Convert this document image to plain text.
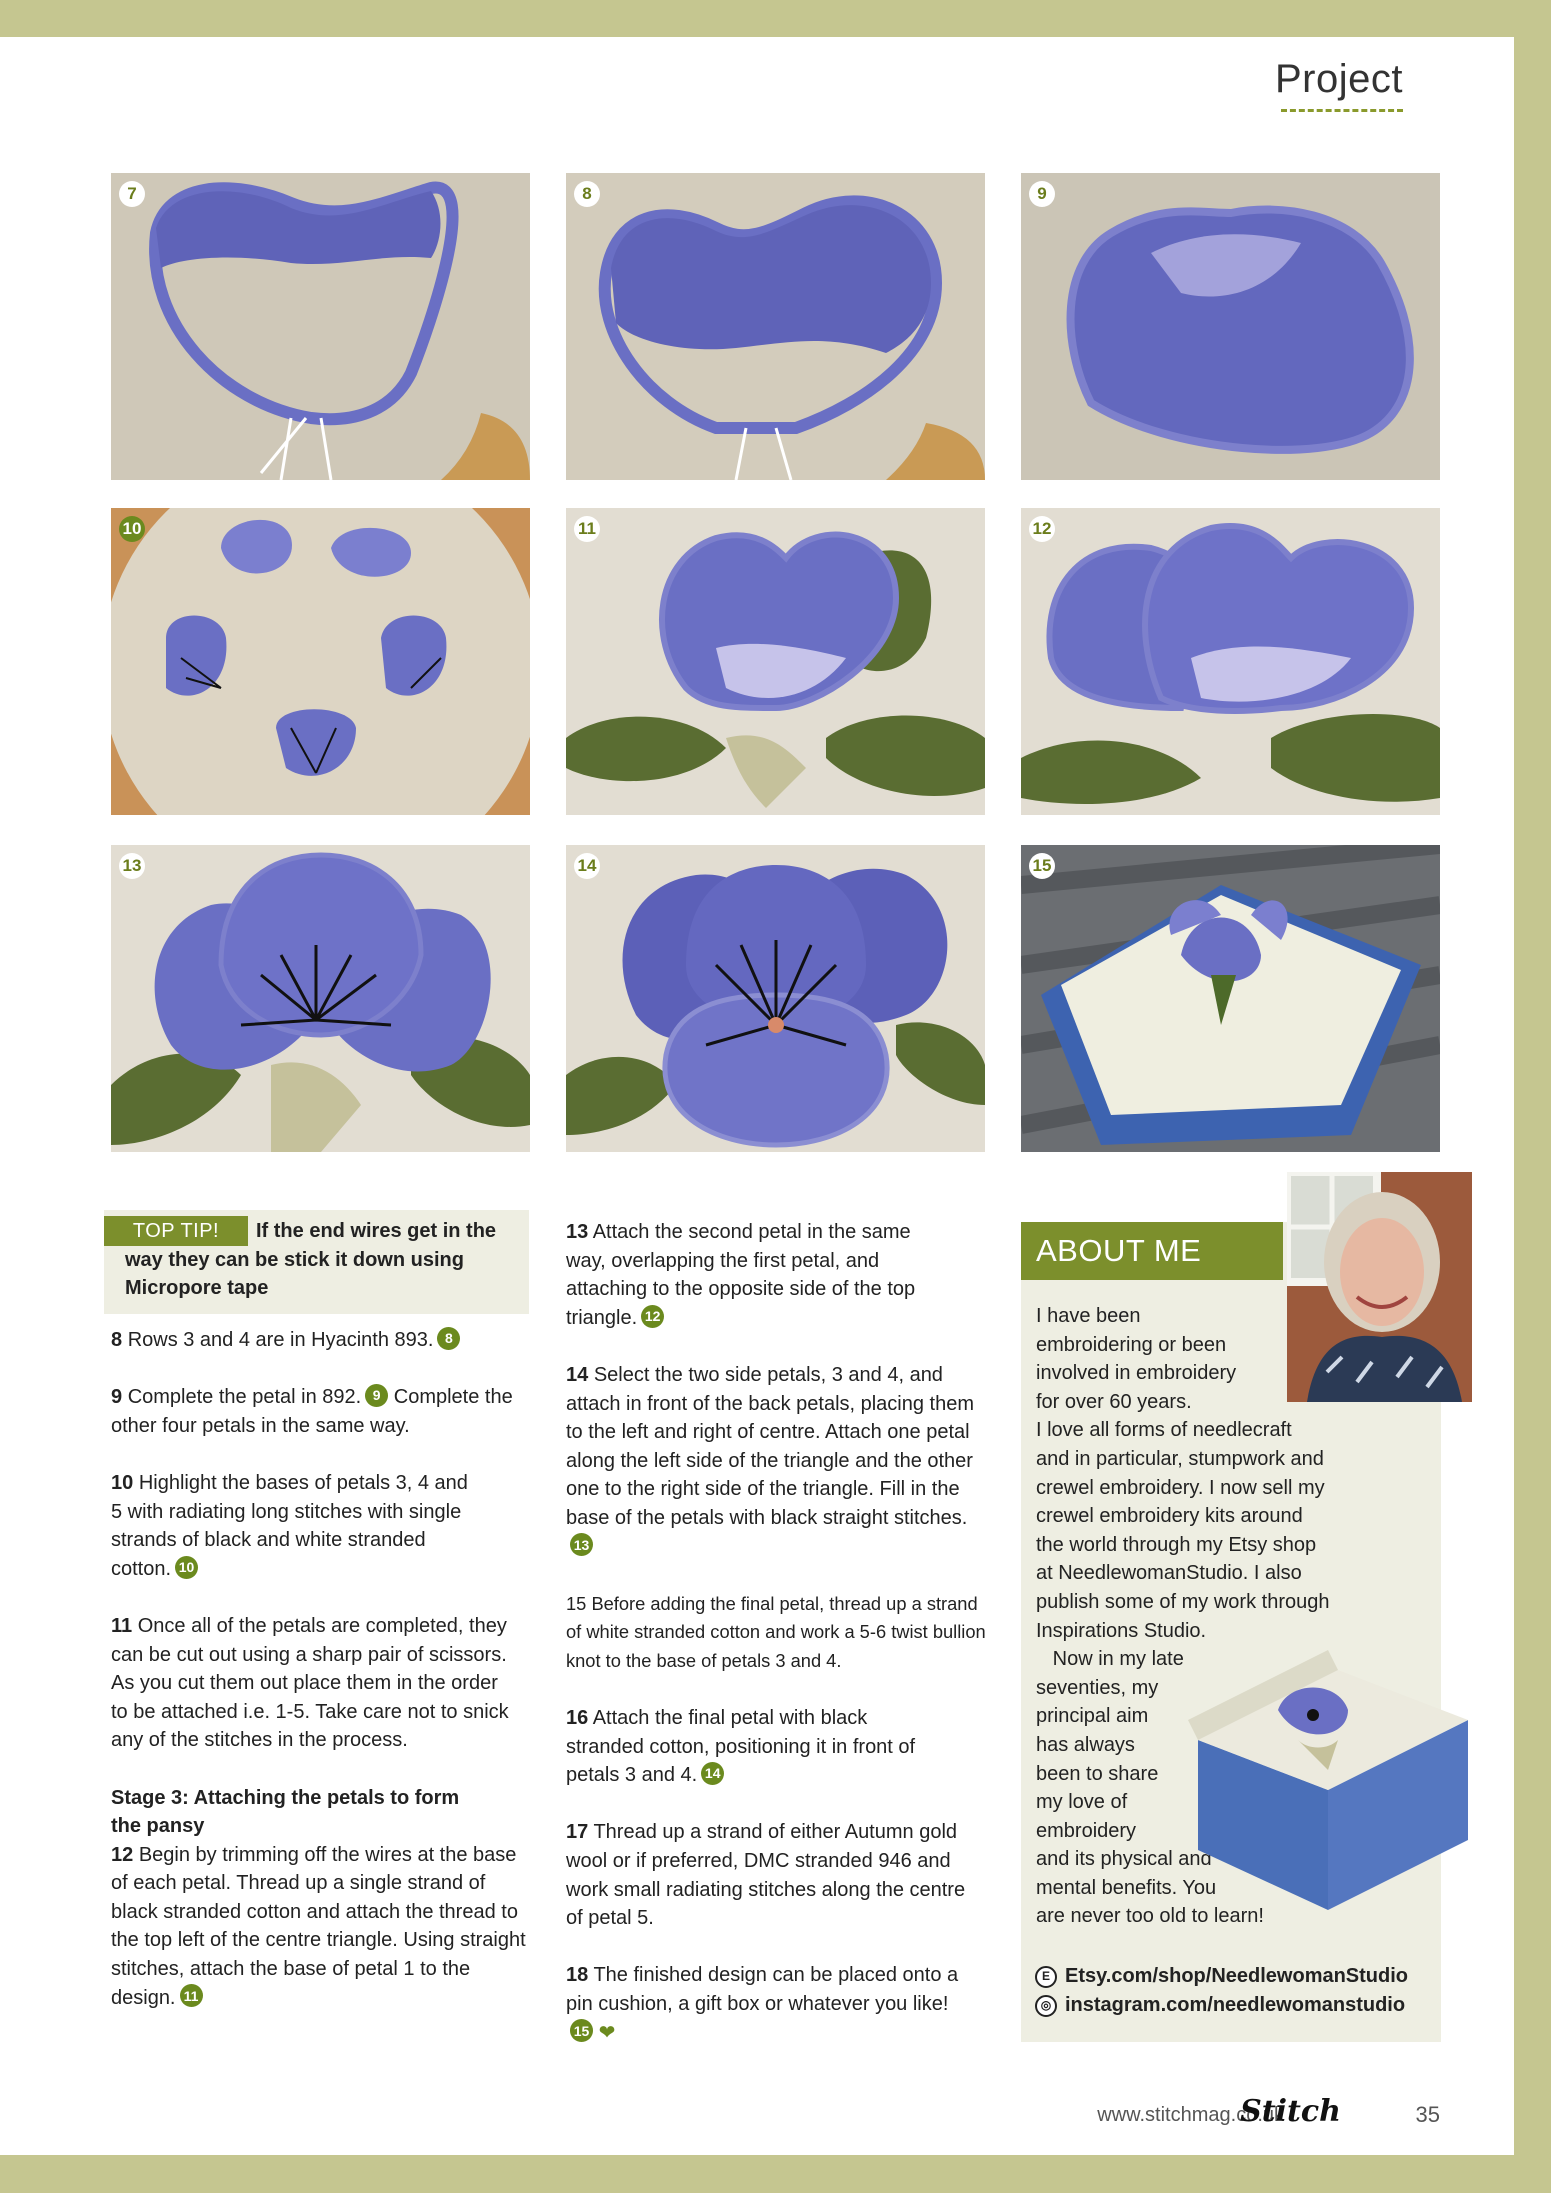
Project
7	8	9
10	11	12
13	14	15
If the end wires get in the way they can be stick it down using Micropore tape
TOP TIP!

8 Rows 3 and 4 are in Hyacinth 893. 8

9 Complete the petal in 892. 9 Complete the other four petals in the same way.

10 Highlight the bases of petals 3, 4 and 5 with radiating long stitches with single strands of black and white stranded cotton. 10

11 Once all of the petals are completed, they can be cut out using a sharp pair of scissors. As you cut them out place them in the order to be attached i.e. 1-5. Take care not to snick any of the stitches in the process.

Stage 3: Attaching the petals to form the pansy
12 Begin by trimming off the wires at the base of each petal. Thread up a single strand of black stranded cotton and attach the thread to the top left of the centre triangle. Using straight stitches, attach the base of petal 1 to the design. 11

13 Attach the second petal in the same way, overlapping the first petal, and attaching to the opposite side of the top triangle. 12

14 Select the two side petals, 3 and 4, and attach in front of the back petals, placing them to the left and right of centre. Attach one petal along the left side of the triangle and the other one to the right side of the triangle. Fill in the base of the petals with black straight stitches.13

15 Before adding the final petal, thread up a strand of white stranded cotton and work a 5-6 twist bullion knot to the base of petals 3 and 4.

16 Attach the final petal with black stranded cotton, positioning it in front of petals 3 and 4. 14

17 Thread up a strand of either Autumn gold wool or if preferred, DMC stranded 946 and work small radiating stitches along the centre of petal 5.

18 The finished design can be placed onto a pin cushion, a gift box or whatever you like!15 ❤

ABOUT ME
I have been
embroidering or been
involved in embroidery
for over 60 years.
I love all forms of needlecraft
and in particular, stumpwork and
crewel embroidery. I now sell my
crewel embroidery kits around
the world through my Etsy shop
at NeedlewomanStudio. I also
publish some of my work through
Inspirations Studio.
Now in my late
seventies, my
principal aim
has always
been to share
my love of
embroidery
and its physical and
mental benefits. You
are never too old to learn!
E Etsy.com/shop/NeedlewomanStudio
◎ instagram.com/needlewomanstudio
www.stitchmag.co.uk
Stitch	35
